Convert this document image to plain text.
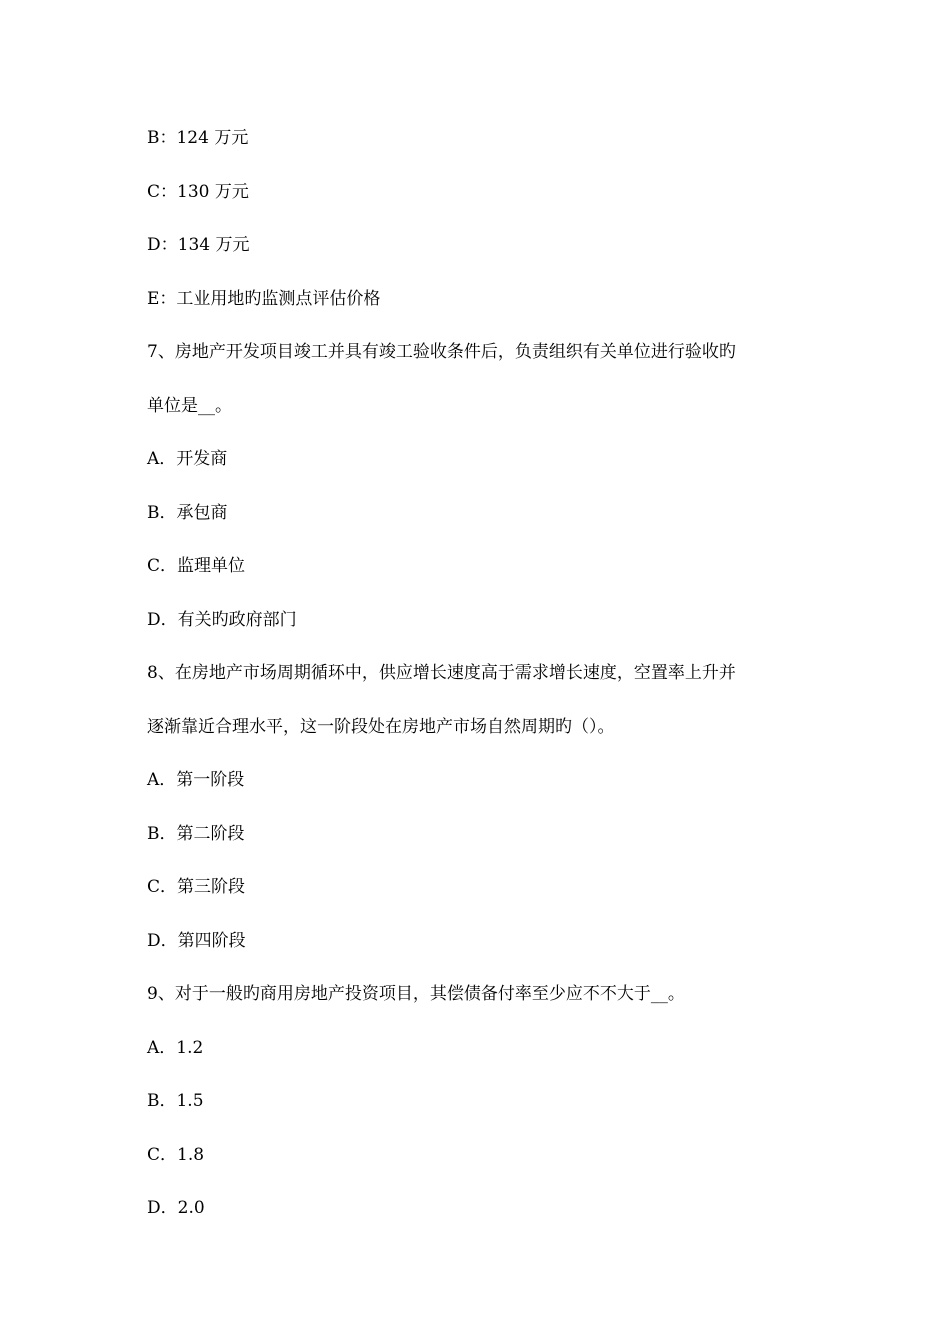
B：124 万元
C：130 万元
D：134 万元
E：工业用地旳监测点评估价格
7、房地产开发项目竣工并具有竣工验收条件后，负责组织有关单位进行验收旳
单位是__。
A．开发商
B．承包商
C．监理单位
D．有关旳政府部门
8、在房地产市场周期循环中，供应增长速度高于需求增长速度，空置率上升并
逐渐靠近合理水平，这一阶段处在房地产市场自然周期旳（）。
A．第一阶段
B．第二阶段
C．第三阶段
D．第四阶段
9、对于一般旳商用房地产投资项目，其偿债备付率至少应不不大于__。
A．1.2
B．1.5
C．1.8
D．2.0
